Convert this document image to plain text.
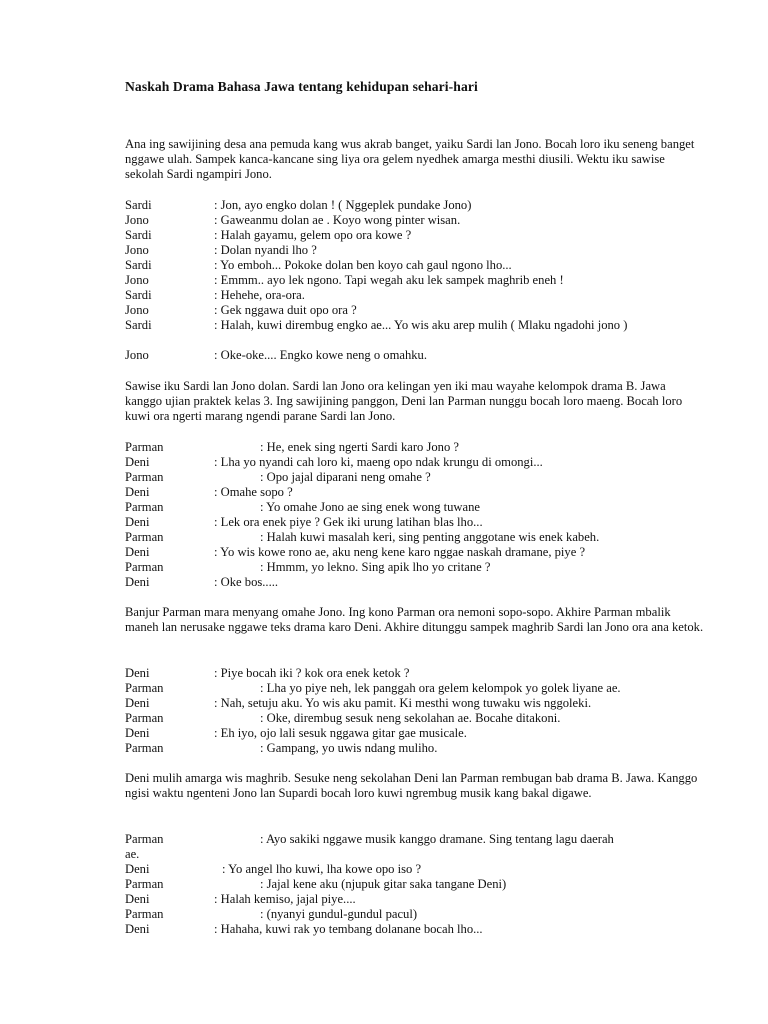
Naskah Drama Bahasa Jawa tentang kehidupan sehari-hari
Ana ing sawijining desa ana pemuda kang wus akrab banget, yaiku Sardi lan Jono. Bocah loro iku seneng banget nggawe ulah. Sampek kanca-kancane sing liya ora gelem nyedhek amarga mesthi diusili. Wektu iku sawise sekolah Sardi ngampiri Jono.
Sardi	: Jon, ayo engko dolan ! ( Nggeplek pundake Jono)
Jono	: Gaweanmu dolan ae . Koyo wong pinter wisan.
Sardi	: Halah gayamu, gelem opo ora kowe ?
Jono	: Dolan nyandi lho ?
Sardi	: Yo emboh... Pokoke dolan ben koyo cah gaul ngono lho...
Jono	: Emmm.. ayo lek ngono. Tapi wegah aku lek sampek maghrib eneh !
Sardi	: Hehehe, ora-ora.
Jono	: Gek nggawa duit opo ora ?
Sardi	: Halah, kuwi dirembug engko ae... Yo wis aku arep mulih ( Mlaku ngadohi jono )
Jono	: Oke-oke.... Engko kowe neng o omahku.
Sawise iku Sardi lan Jono dolan. Sardi lan Jono ora kelingan yen iki mau wayahe kelompok drama B. Jawa kanggo ujian praktek kelas 3. Ing sawijining panggon, Deni lan Parman nunggu bocah loro maeng. Bocah loro kuwi ora ngerti marang ngendi parane Sardi lan Jono.
Parman	: He, enek sing ngerti Sardi karo Jono ?
Deni	: Lha yo nyandi cah loro ki, maeng opo ndak krungu di omongi...
Parman	: Opo jajal diparani neng omahe ?
Deni	: Omahe sopo ?
Parman	: Yo omahe Jono ae sing enek wong tuwane
Deni	: Lek ora enek piye ? Gek iki urung latihan blas lho...
Parman	: Halah kuwi masalah keri, sing penting anggotane wis enek kabeh.
Deni	: Yo wis kowe rono ae, aku neng kene karo nggae naskah dramane, piye ?
Parman	: Hmmm, yo lekno. Sing apik lho yo critane ?
Deni	: Oke bos.....
Banjur Parman mara menyang omahe Jono. Ing kono Parman ora nemoni sopo-sopo. Akhire Parman mbalik maneh lan nerusake nggawe teks drama karo Deni. Akhire ditunggu sampek maghrib Sardi lan Jono ora ana ketok.
Deni	: Piye bocah iki ? kok ora enek ketok ?
Parman	: Lha yo piye neh, lek panggah ora gelem kelompok yo golek liyane ae.
Deni	: Nah, setuju aku. Yo wis aku pamit. Ki mesthi wong tuwaku wis nggoleki.
Parman	: Oke, dirembug sesuk neng sekolahan ae. Bocahe ditakoni.
Deni	: Eh iyo, ojo lali sesuk nggawa gitar gae musicale.
Parman	: Gampang, yo uwis ndang muliho.
Deni mulih amarga wis maghrib. Sesuke neng sekolahan Deni lan Parman rembugan bab drama B. Jawa. Kanggo ngisi waktu ngenteni Jono lan Supardi bocah loro kuwi ngrembug musik kang bakal digawe.
Parman	: Ayo sakiki nggawe musik kanggo dramane. Sing tentang lagu daerah
ae.
Deni	: Yo angel lho kuwi, lha kowe opo iso ?
Parman	: Jajal kene aku (njupuk gitar saka tangane Deni)
Deni	: Halah kemiso, jajal piye....
Parman	: (nyanyi gundul-gundul pacul)
Deni	: Hahaha, kuwi rak yo tembang dolanane bocah lho...
